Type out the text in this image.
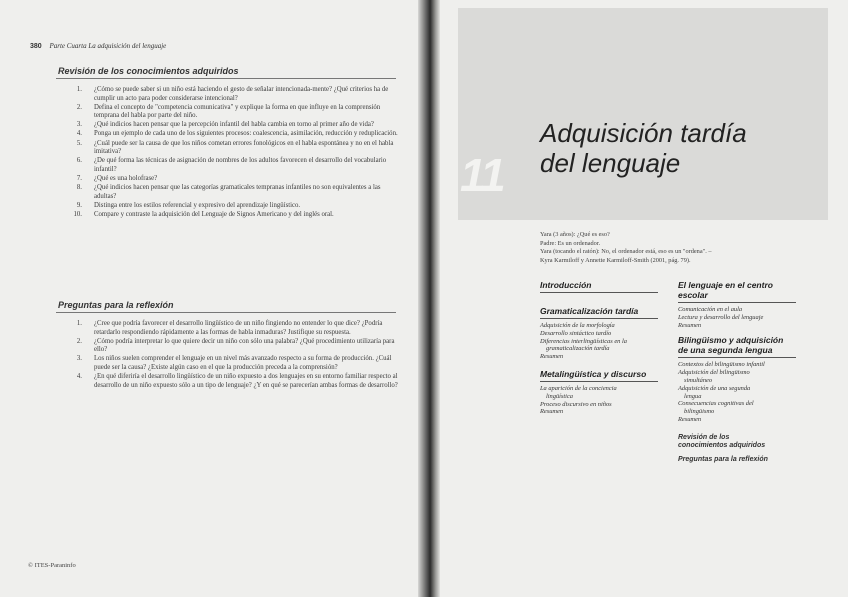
380 Parte Cuarta La adquisición del lenguaje
Revisión de los conocimientos adquiridos
1. ¿Cómo se puede saber si un niño está haciendo el gesto de señalar intencionada-mente? ¿Qué criterios ha de cumplir un acto para poder considerarse intencional?
2. Defina el concepto de "competencia comunicativa" y explique la forma en que influye en la comprensión temprana del habla por parte del niño.
3. ¿Qué indicios hacen pensar que la percepción infantil del habla cambia en torno al primer año de vida?
4. Ponga un ejemplo de cada uno de los siguientes procesos: coalescencia, asimilación, reducción y reduplicación.
5. ¿Cuál puede ser la causa de que los niños cometan errores fonológicos en el habla espontánea y no en el habla imitativa?
6. ¿De qué forma las técnicas de asignación de nombres de los adultos favorecen el desarrollo del vocabulario infantil?
7. ¿Qué es una holofrase?
8. ¿Qué indicios hacen pensar que las categorías gramaticales tempranas infantiles no son equivalentes a las adultas?
9. Distinga entre los estilos referencial y expresivo del aprendizaje lingüístico.
10. Compare y contraste la adquisición del Lenguaje de Signos Americano y del inglés oral.
Preguntas para la reflexión
1. ¿Cree que podría favorecer el desarrollo lingüístico de un niño fingiendo no entender lo que dice? ¿Podría retardarlo respondiendo rápidamente a las formas de habla inmaduras? Justifique su respuesta.
2. ¿Cómo podría interpretar lo que quiere decir un niño con sólo una palabra? ¿Qué procedimiento utilizaría para ello?
3. Los niños suelen comprender el lenguaje en un nivel más avanzado respecto a su forma de producción. ¿Cuál puede ser la causa? ¿Existe algún caso en el que la producción preceda a la comprensión?
4. ¿En qué diferiría el desarrollo lingüístico de un niño expuesto a dos lenguajes en su entorno familiar respecto al desarrollo de un niño expuesto sólo a un tipo de lenguaje? ¿Y en qué se parecerían ambas formas de desarrollo?
© ITES-Paraninfo
11
Adquisición tardía
del lenguaje
Yara (3 años): ¿Qué es eso?
Padre: Es un ordenador.
Yara (tocando el ratón): No, el ordenador está, eso es un "ordena". –
Kyra Karmiloff y Annette Karmiloff-Smith (2001, pág. 79).
Introducción
Gramaticalización tardía
Adquisición de la morfología
Desarrollo sintáctico tardío
Diferencias interlingüísticas en la
gramaticalización tardía
Resumen
Metalingüística y discurso
La aparición de la conciencia
lingüística
Proceso discursivo en niños
Resumen
El lenguaje en el centro
escolar
Comunicación en el aula
Lectura y desarrollo del lenguaje
Resumen
Bilingüismo y adquisición
de una segunda lengua
Contextos del bilingüismo infantil
Adquisición del bilingüismo
simultáneo
Adquisición de una segunda
lengua
Consecuencias cognitivas del
bilingüismo
Resumen
Revisión de los
conocimientos adquiridos
Preguntas para la reflexión
